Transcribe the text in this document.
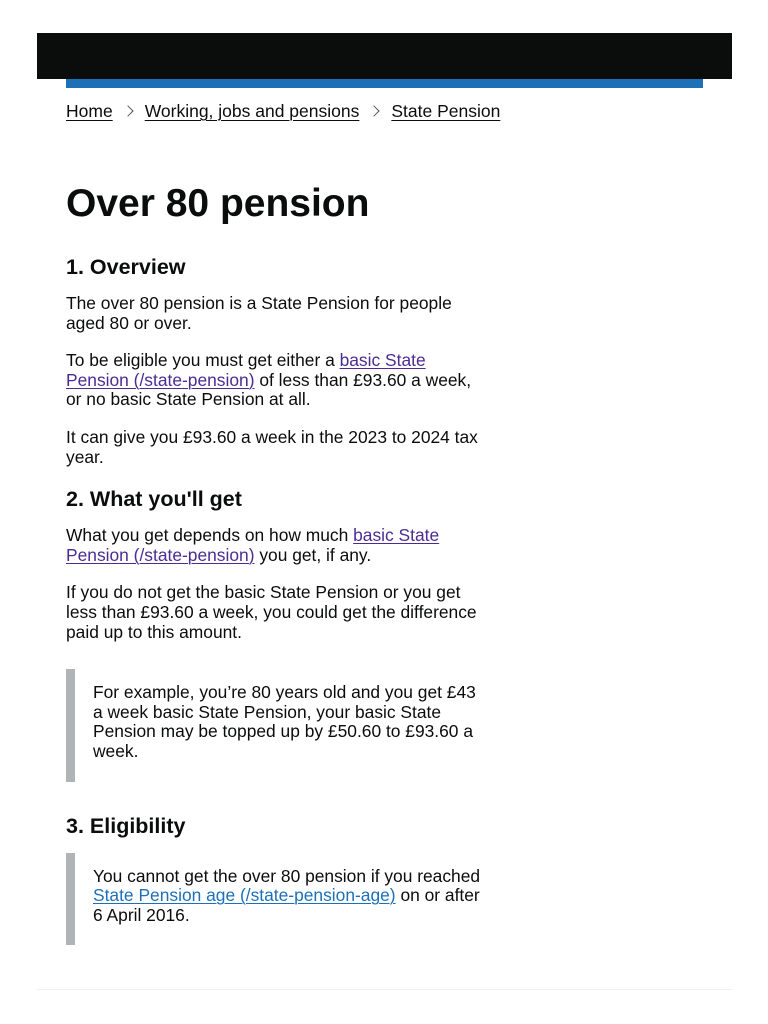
Home Working, jobs and pensions State Pension
Over 80 pension
1. Overview

The over 80 pension is a State Pension for people aged 80 or over.

To be eligible you must get either a basic State Pension (/state-pension) of less than £93.60 a week, or no basic State Pension at all.

It can give you £93.60 a week in the 2023 to 2024 tax year.

2. What you'll get

What you get depends on how much basic State Pension (/state-pension) you get, if any.

If you do not get the basic State Pension or you get less than £93.60 a week, you could get the difference paid up to this amount.

For example, you’re 80 years old and you get £43 a week basic State Pension, your basic State Pension may be topped up by £50.60 to £93.60 a week.

3. Eligibility

You cannot get the over 80 pension if you reached State Pension age (/state-pension-age) on or after 6 April 2016.
